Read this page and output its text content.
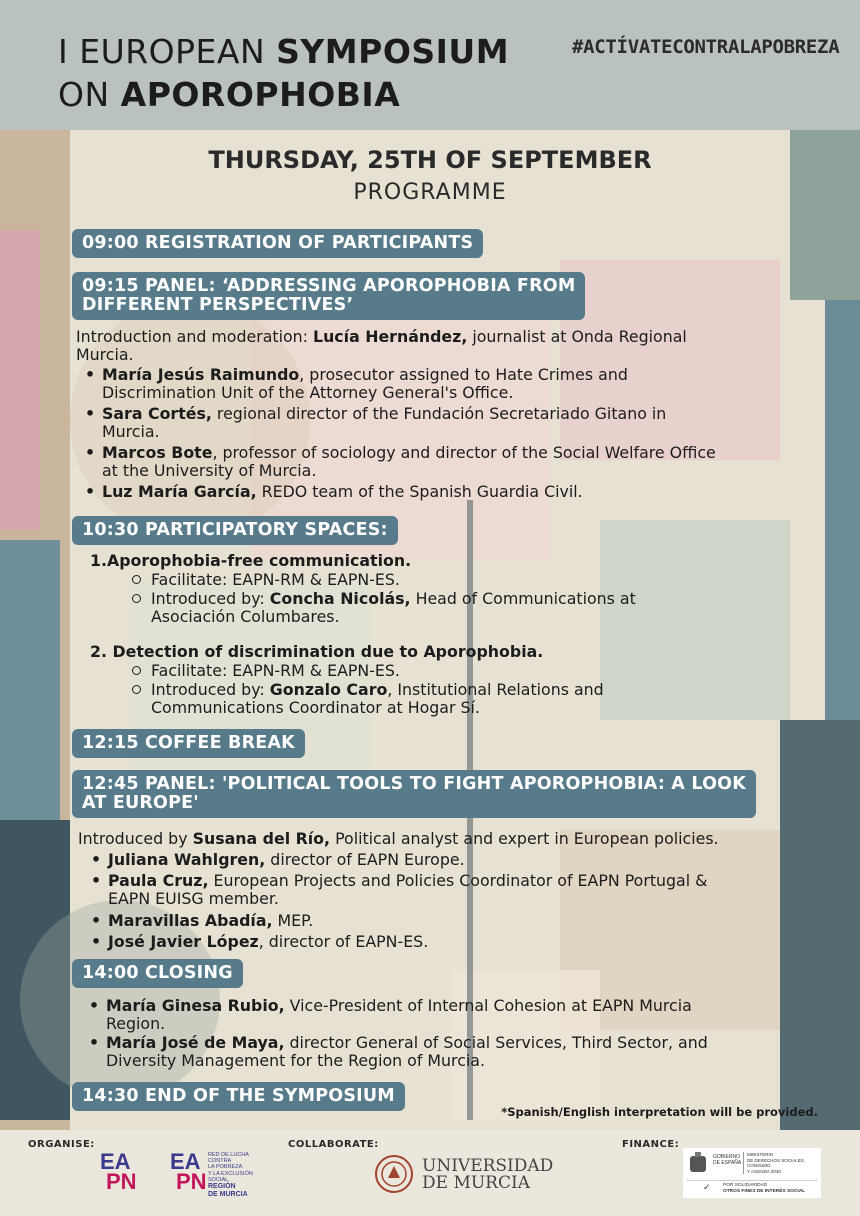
I EUROPEAN SYMPOSIUM
ON APOROPHOBIA
#ACTÍVATECONTRALAPOBREZA
THURSDAY, 25TH OF SEPTEMBER
PROGRAMME
09:00 REGISTRATION OF PARTICIPANTS
09:15 PANEL: ‘ADDRESSING APOROPHOBIA FROM
DIFFERENT PERSPECTIVES’
Introduction and moderation: Lucía Hernández, journalist at Onda Regional
Murcia.
• María Jesús Raimundo, prosecutor assigned to Hate Crimes and
Discrimination Unit of the Attorney General's Office.
• Sara Cortés, regional director of the Fundación Secretariado Gitano in
Murcia.
• Marcos Bote, professor of sociology and director of the Social Welfare Office
at the University of Murcia.
• Luz María García, REDO team of the Spanish Guardia Civil.
10:30 PARTICIPATORY SPACES:
1.Aporophobia-free communication.
Facilitate: EAPN-RM & EAPN-ES.
Introduced by: Concha Nicolás, Head of Communications at
Asociación Columbares.
2. Detection of discrimination due to Aporophobia.
Facilitate: EAPN-RM & EAPN-ES.
Introduced by: Gonzalo Caro, Institutional Relations and
Communications Coordinator at Hogar Sí.
12:15 COFFEE BREAK
12:45 PANEL: 'POLITICAL TOOLS TO FIGHT APOROPHOBIA: A LOOK
AT EUROPE'
Introduced by Susana del Río, Political analyst and expert in European policies.
• Juliana Wahlgren, director of EAPN Europe.
• Paula Cruz, European Projects and Policies Coordinator of EAPN Portugal &
EAPN EUISG member.
• Maravillas Abadía, MEP.
• José Javier López, director of EAPN-ES.
14:00 CLOSING
• María Ginesa Rubio, Vice-President of Internal Cohesion at EAPN Murcia
Region.
• María José de Maya, director General of Social Services, Third Sector, and
Diversity Management for the Region of Murcia.
14:30 END OF THE SYMPOSIUM
*Spanish/English interpretation will be provided.
ORGANISE:	COLLABORATE:	FINANCE:
EA
PN
EA
PN
RED DE LUCHA
CONTRA
LA POBREZA
Y LA EXCLUSIÓN
SOCIAL
REGIÓN
DE MURCIA
UNIVERSIDAD
DE MURCIA
GOBIERNO
DE ESPAÑA
MINISTERIO
DE DERECHOS SOCIALES, CONSUMO
Y AGENDA 2030
✓	POR SOLIDARIDAD
OTROS FINES DE INTERÉS SOCIAL
